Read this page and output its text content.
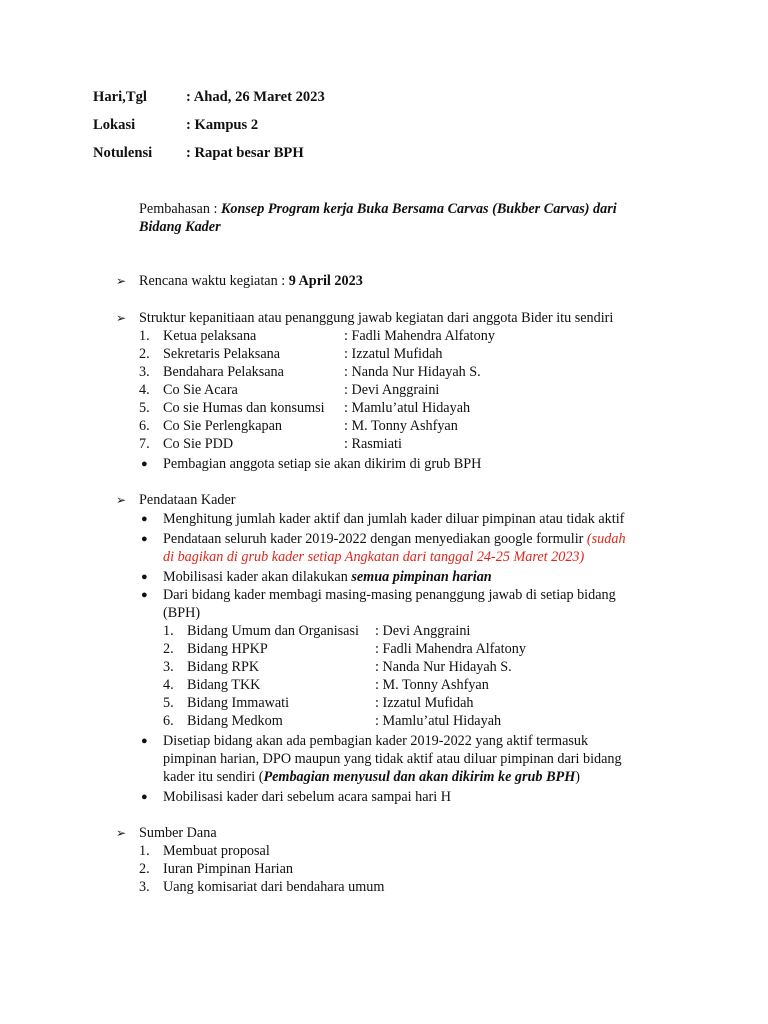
Hari,Tgl	: Ahad, 26 Maret 2023
Lokasi	: Kampus 2
Notulensi : Rapat besar BPH
Pembahasan : Konsep Program kerja Buka Bersama Carvas (Bukber Carvas) dari
Bidang Kader
➢ Rencana waktu kegiatan : 9 April 2023
➢ Struktur kepanitiaan atau penanggung jawab kegiatan dari anggota Bider itu sendiri
1. Ketua pelaksana	: Fadli Mahendra Alfatony
2. Sekretaris Pelaksana	: Izzatul Mufidah
3. Bendahara Pelaksana	: Nanda Nur Hidayah S.
4. Co Sie Acara	: Devi Anggraini
5. Co sie Humas dan konsumsi : Mamlu’atul Hidayah
6. Co Sie Perlengkapan	: M. Tonny Ashfyan
7. Co Sie PDD	: Rasmiati
● Pembagian anggota setiap sie akan dikirim di grub BPH
➢ Pendataan Kader
● Menghitung jumlah kader aktif dan jumlah kader diluar pimpinan atau tidak aktif
● Pendataan seluruh kader 2019-2022 dengan menyediakan google formulir (sudah
di bagikan di grub kader setiap Angkatan dari tanggal 24-25 Maret 2023)
● Mobilisasi kader akan dilakukan semua pimpinan harian
● Dari bidang kader membagi masing-masing penanggung jawab di setiap bidang
(BPH)
1. Bidang Umum dan Organisasi : Devi Anggraini
2. Bidang HPKP	: Fadli Mahendra Alfatony
3. Bidang RPK	: Nanda Nur Hidayah S.
4. Bidang TKK	: M. Tonny Ashfyan
5. Bidang Immawati	: Izzatul Mufidah
6. Bidang Medkom	: Mamlu’atul Hidayah
● Disetiap bidang akan ada pembagian kader 2019-2022 yang aktif termasuk
pimpinan harian, DPO maupun yang tidak aktif atau diluar pimpinan dari bidang
kader itu sendiri (Pembagian menyusul dan akan dikirim ke grub BPH)
● Mobilisasi kader dari sebelum acara sampai hari H
➢ Sumber Dana
1. Membuat proposal
2. Iuran Pimpinan Harian
3. Uang komisariat dari bendahara umum
